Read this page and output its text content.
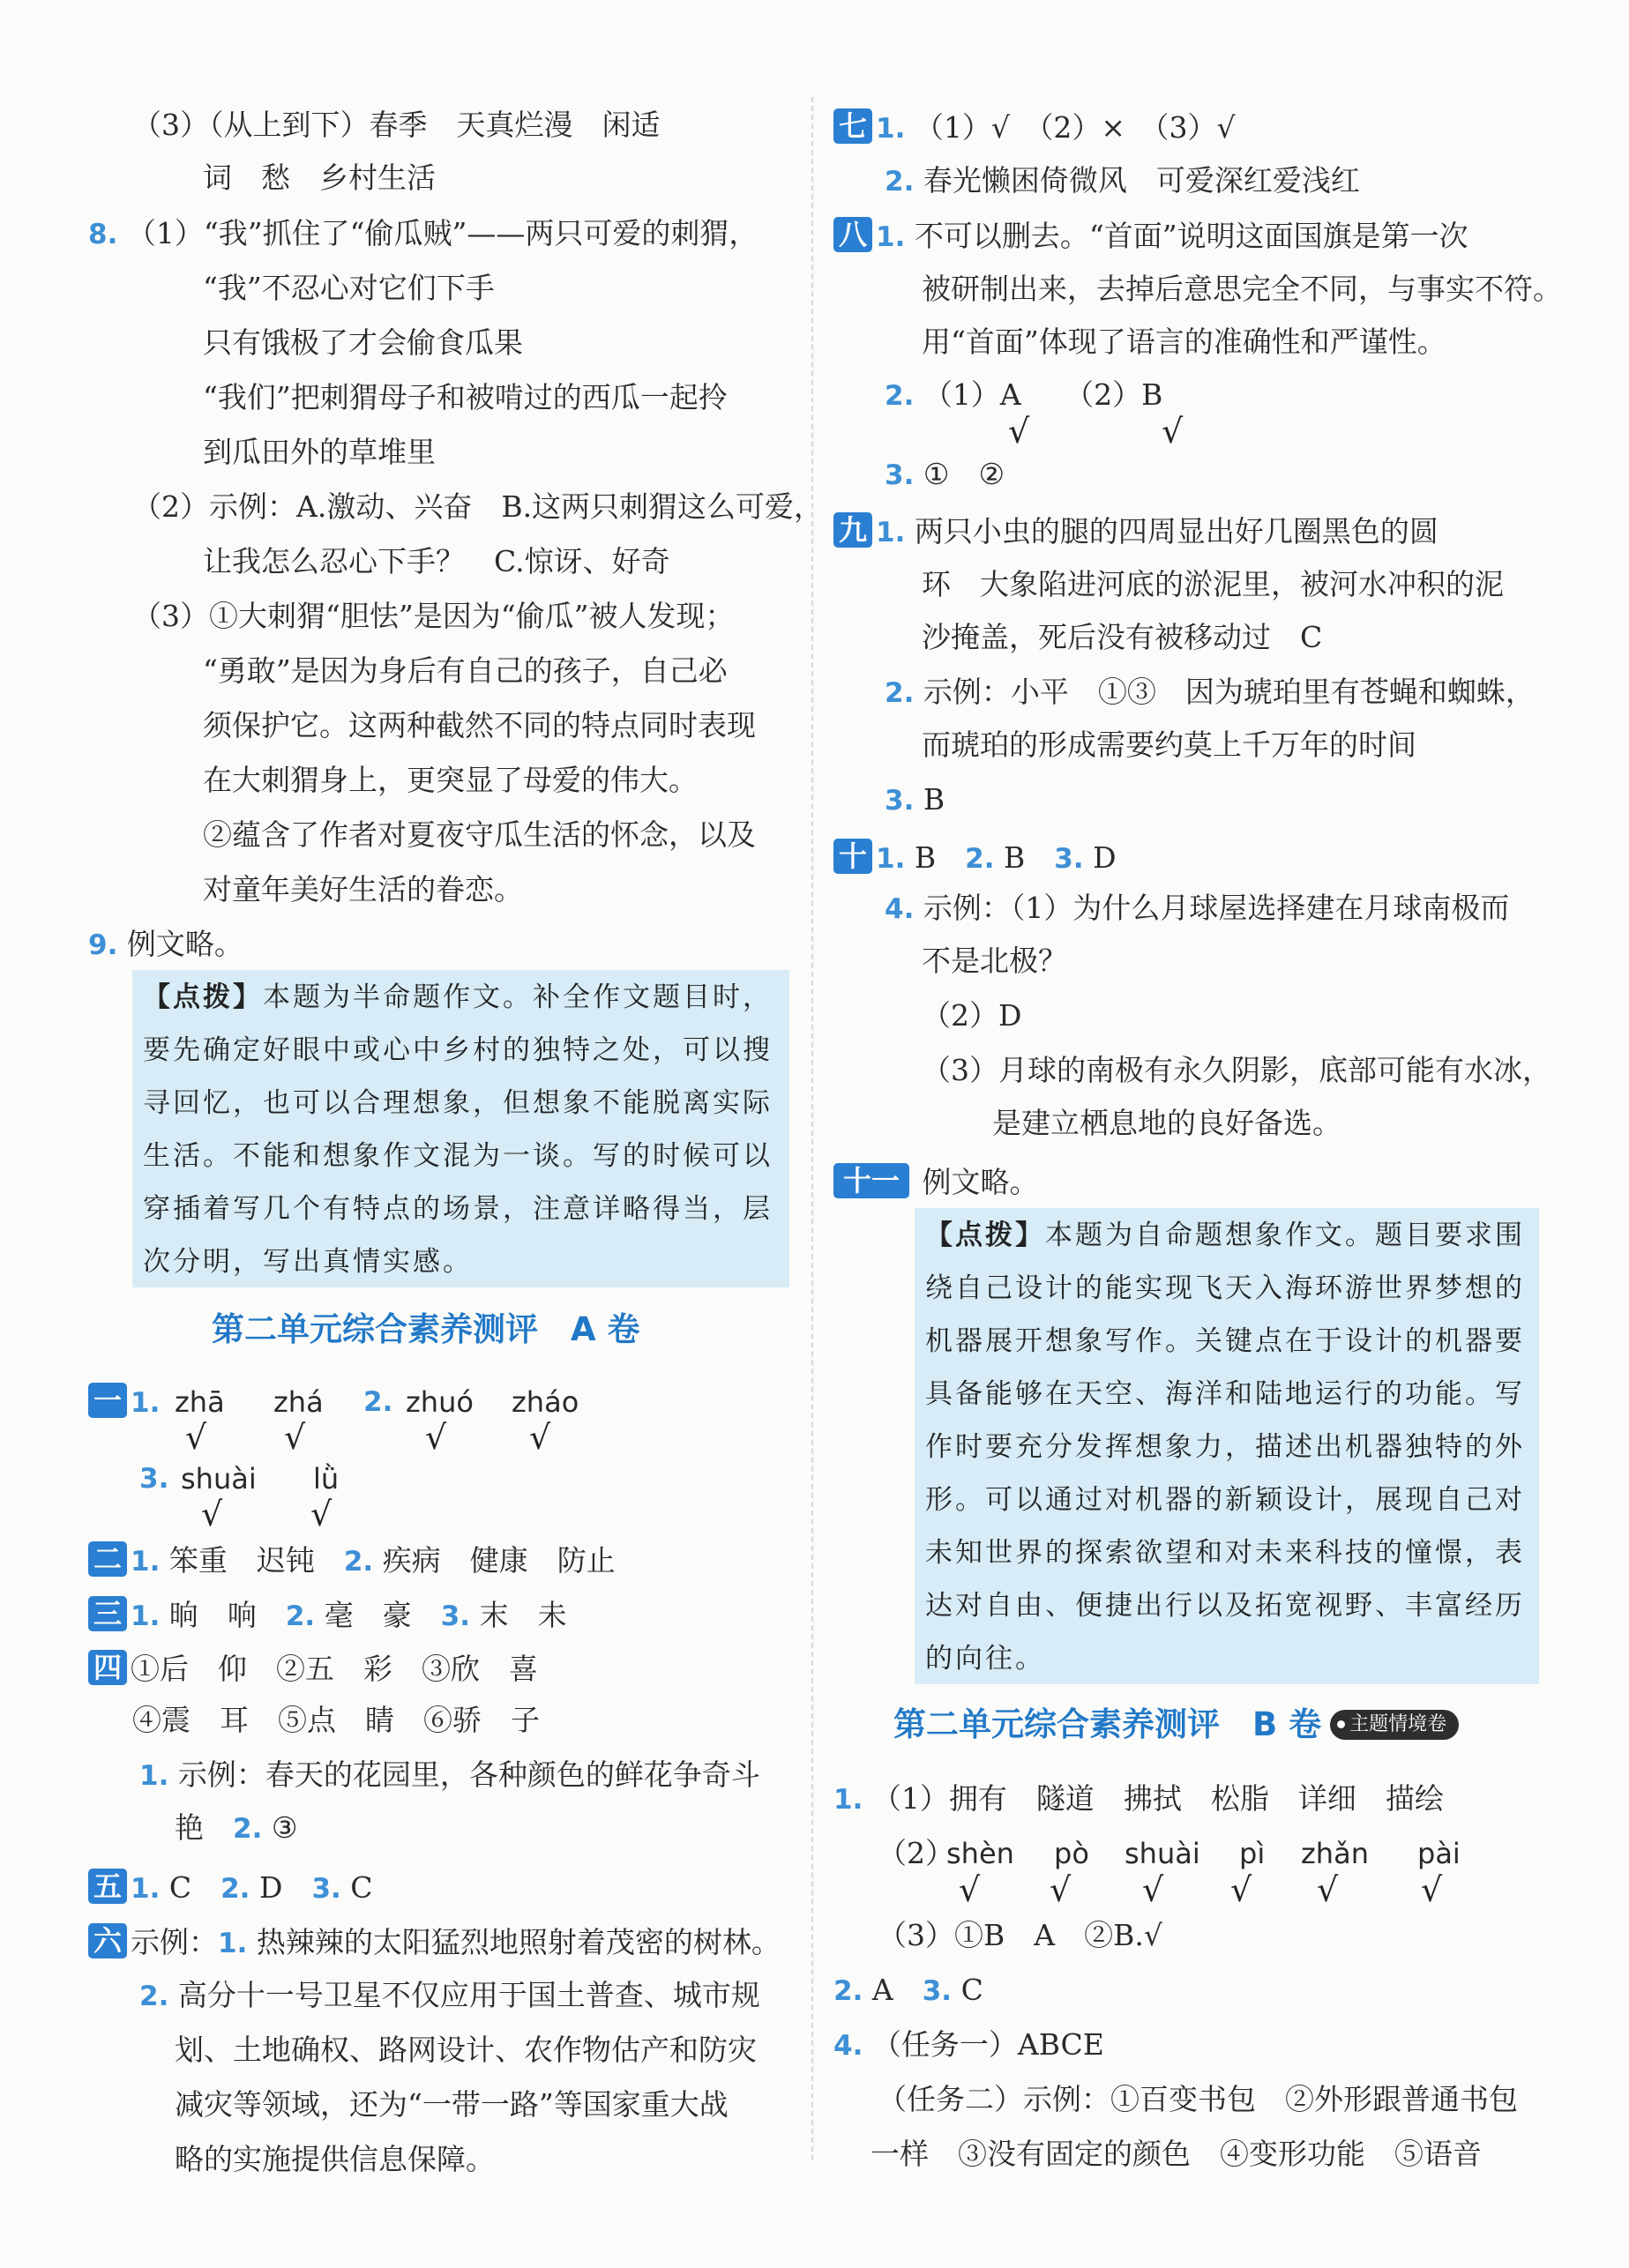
（3）（从上到下）春季　天真烂漫　闲适
词　愁　乡村生活
8. （1）“我”抓住了“偷瓜贼”——两只可爱的刺猬，
“我”不忍心对它们下手
只有饿极了才会偷食瓜果
“我们”把刺猬母子和被啃过的西瓜一起拎
到瓜田外的草堆里
（2）示例：A.激动、兴奋　B.这两只刺猬这么可爱，
让我怎么忍心下手？　C.惊讶、好奇
（3）①大刺猬“胆怯”是因为“偷瓜”被人发现；
“勇敢”是因为身后有自己的孩子，自己必
须保护它。这两种截然不同的特点同时表现
在大刺猬身上，更突显了母爱的伟大。
②蕴含了作者对夏夜守瓜生活的怀念，以及
对童年美好生活的眷恋。
9. 例文略。
【点拨】本题为半命题作文。补全作文题目时，
要先确定好眼中或心中乡村的独特之处，可以搜
寻回忆，也可以合理想象，但想象不能脱离实际
生活。不能和想象作文混为一谈。写的时候可以
穿插着写几个有特点的场景，注意详略得当，层
次分明，写出真情实感。
第二单元综合素养测评　A 卷
一 1. zhā zhá 2. zhuó zháo
√ √	√ √
3. shuài lǜ
√	√
二 1. 笨重　迟钝　 2. 疾病　健康　防止
三 1. 晌　响　 2. 毫　豪　 3. 末　未
四 ①后　仰　②五　彩　③欣　喜
④震　耳　⑤点　睛　⑥骄　子
1. 示例：春天的花园里，各种颜色的鲜花争奇斗
艳　 2. ③
五 1. C　 2. D　 3. C
六 示例：1. 热辣辣的太阳猛烈地照射着茂密的树林。
2. 高分十一号卫星不仅应用于国土普查、城市规
划、土地确权、路网设计、农作物估产和防灾
减灾等领域，还为“一带一路”等国家重大战
略的实施提供信息保障。
七 1. （1）√　（2）×　（3）√
2. 春光懒困倚微风　可爱深红爱浅红
八 1. 不可以删去。“首面”说明这面国旗是第一次
被研制出来，去掉后意思完全不同，与事实不符。
用“首面”体现了语言的准确性和严谨性。
2. （1）A　　（2）B
√	√
3. ①　②
九 1. 两只小虫的腿的四周显出好几圈黑色的圆
环　大象陷进河底的淤泥里，被河水冲积的泥
沙掩盖，死后没有被移动过　C
2. 示例：小平　①③　因为琥珀里有苍蝇和蜘蛛，
而琥珀的形成需要约莫上千万年的时间
3. B
十 1. B　 2. B　 3. D
4. 示例：（1）为什么月球屋选择建在月球南极而
不是北极？
（2）D
（3）月球的南极有永久阴影，底部可能有水冰，
是建立栖息地的良好备选。
十一 例文略。
【点拨】本题为自命题想象作文。题目要求围
绕自己设计的能实现飞天入海环游世界梦想的
机器展开想象写作。关键点在于设计的机器要
具备能够在天空、海洋和陆地运行的功能。写
作时要充分发挥想象力，描述出机器独特的外
形。可以通过对机器的新颖设计，展现自己对
未知世界的探索欲望和对未来科技的憧憬，表
达对自由、便捷出行以及拓宽视野、丰富经历
的向往。
第二单元综合素养测评　B 卷 主题情境卷
1. （1）拥有　隧道　拂拭　松脂　详细　描绘
（2）
shèn pò shuài pì zhǎn pài
√ √ √ √ √ √
（3）①B　A　②B.√
2. A　 3. C
4. （任务一）ABCE
（任务二）示例：①百变书包　②外形跟普通书包
一样　③没有固定的颜色　④变形功能　⑤语音
